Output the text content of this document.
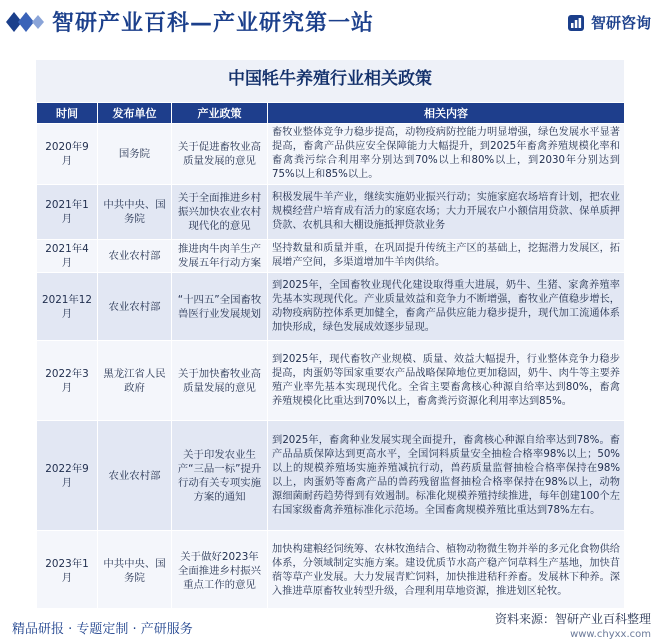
智研产业百科—产业研究第一站	智研咨询
中国牦牛养殖行业相关政策
时间	发布单位	产业政策	相关内容
2020年9月	国务院	关于促进畜牧业高质量发展的意见	畜牧业整体竞争力稳步提高，动物疫病防控能力明显增强，绿色发展水平显著提高，畜禽产品供应安全保障能力大幅提升，到2025年畜禽养殖规模化率和畜禽粪污综合利用率分别达到70%以上和80%以上，到2030年分别达到75%以上和85%以上。
2021年1月	中共中央、国务院	关于全面推进乡村振兴加快农业农村现代化的意见	积极发展牛羊产业，继续实施奶业振兴行动；实施家庭农场培育计划，把农业规模经营户培育成有活力的家庭农场；大力开展农户小额信用贷款、保单质押贷款、农机具和大棚设施抵押贷款业务
2021年4月	农业农村部	推进肉牛肉羊生产发展五年行动方案	坚持数量和质量并重，在巩固提升传统主产区的基础上，挖掘潜力发展区，拓展增产空间，多渠道增加牛羊肉供给。
2021年12月	农业农村部	“十四五”全国畜牧兽医行业发展规划	到2025年，全国畜牧业现代化建设取得重大进展，奶牛、生猪、家禽养殖率先基本实现现代化。产业质量效益和竞争力不断增强，畜牧业产值稳步增长，动物疫病防控体系更加健全，畜禽产品供应能力稳步提升，现代加工流通体系加快形成，绿色发展成效逐步显现。
2022年3月	黑龙江省人民政府	关于加快畜牧业高质量发展的意见	到2025年，现代畜牧产业规模、质量、效益大幅提升，行业整体竞争力稳步提高，肉蛋奶等国家重要农产品战略保障地位更加稳固，奶牛、肉牛等主要养殖产业率先基本实现现代化。全省主要畜禽核心种源自给率达到80%，畜禽养殖规模化比重达到70%以上，畜禽粪污资源化利用率达到85%。
2022年9月	农业农村部	关于印发农业生产“三品一标”提升行动有关专项实施方案的通知	到2025年，畜禽种业发展实现全面提升，畜禽核心种源自给率达到78%。畜产品品质保障达到更高水平，全国饲料质量安全抽检合格率98%以上；50%以上的规模养殖场实施养殖减抗行动，兽药质量监督抽检合格率保持在98%以上，肉蛋奶等畜禽产品的兽药残留监督抽检合格率保持在98%以上，动物源细菌耐药趋势得到有效遏制。标准化规模养殖持续推进，每年创建100个左右国家级畜禽养殖标准化示范场。全国畜禽规模养殖比重达到78%左右。
2023年1月	中共中央、国务院	关于做好2023年全面推进乡村振兴重点工作的意见	加快构建粮经饲统筹、农林牧渔结合、植物动物微生物并举的多元化食物供给体系，分领域制定实施方案。建设优质节水高产稳产饲草料生产基地，加快苜蓿等草产业发展。大力发展青贮饲料，加快推进秸秆养畜。发展林下种养。深入推进草原畜牧业转型升级，合理利用草地资源，推进划区轮牧。
精品研报 · 专题定制 · 产研服务
资料来源：智研产业百科整理
www.chyxx.com
